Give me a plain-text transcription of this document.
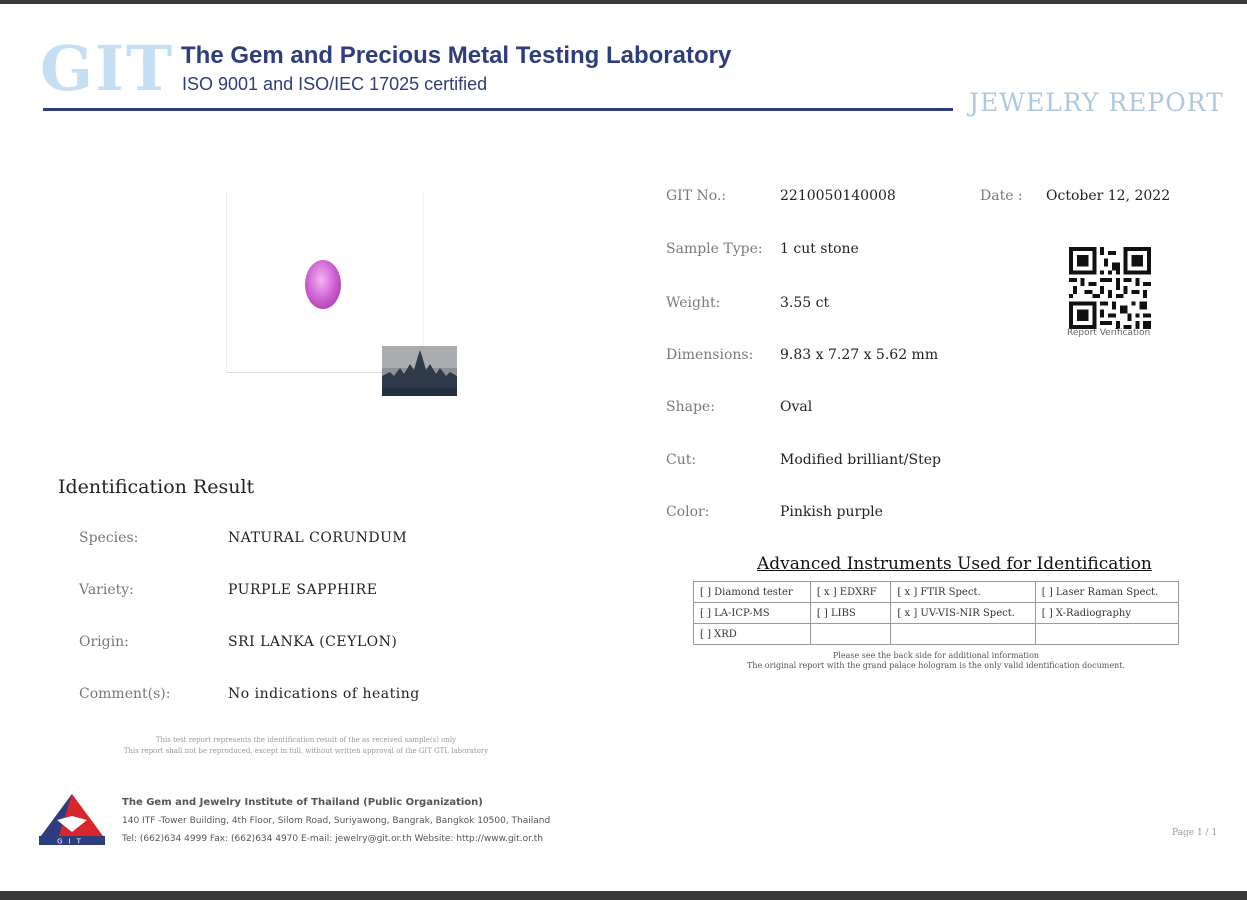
GIT The Gem and Precious Metal Testing Laboratory
ISO 9001 and ISO/IEC 17025 certified
JEWELRY REPORT
GIT No.:	2210050140008	Date : October 12, 2022
Sample Type: 1 cut stone
Weight:	3.55 ct
Dimensions: 9.83 x 7.27 x 5.62 mm
Shape:	Oval
Cut:	Modified brilliant/Step
Color:	Pinkish purple
Report Verification
Identification Result
Species:	NATURAL CORUNDUM
Variety:	PURPLE SAPPHIRE
Origin:	SRI LANKA (CEYLON)
Comment(s):	No indications of heating
This test report represents the identification result of the as received sample(s) only
This report shall not be reproduced, except in full, without written approval of the GIT GTL laboratory
Advanced Instruments Used for Identification
[ ] Diamond tester	[ x ] EDXRF	[ x ] FTIR Spect.	[ ] Laser Raman Spect.
[ ] LA-ICP-MS	[ ] LIBS	[ x ] UV-VIS-NIR Spect.	[ ] X-Radiography
[ ] XRD			
Please see the back side for additional information
The original report with the grand palace hologram is the only valid identification document.
GIT
The Gem and Jewelry Institute of Thailand (Public Organization)
140 ITF -Tower Building, 4th Floor, Silom Road, Suriyawong, Bangrak, Bangkok 10500, Thailand
Tel: (662)634 4999 Fax: (662)634 4970 E-mail: jewelry@git.or.th Website: http://www.git.or.th
Page 1 / 1
